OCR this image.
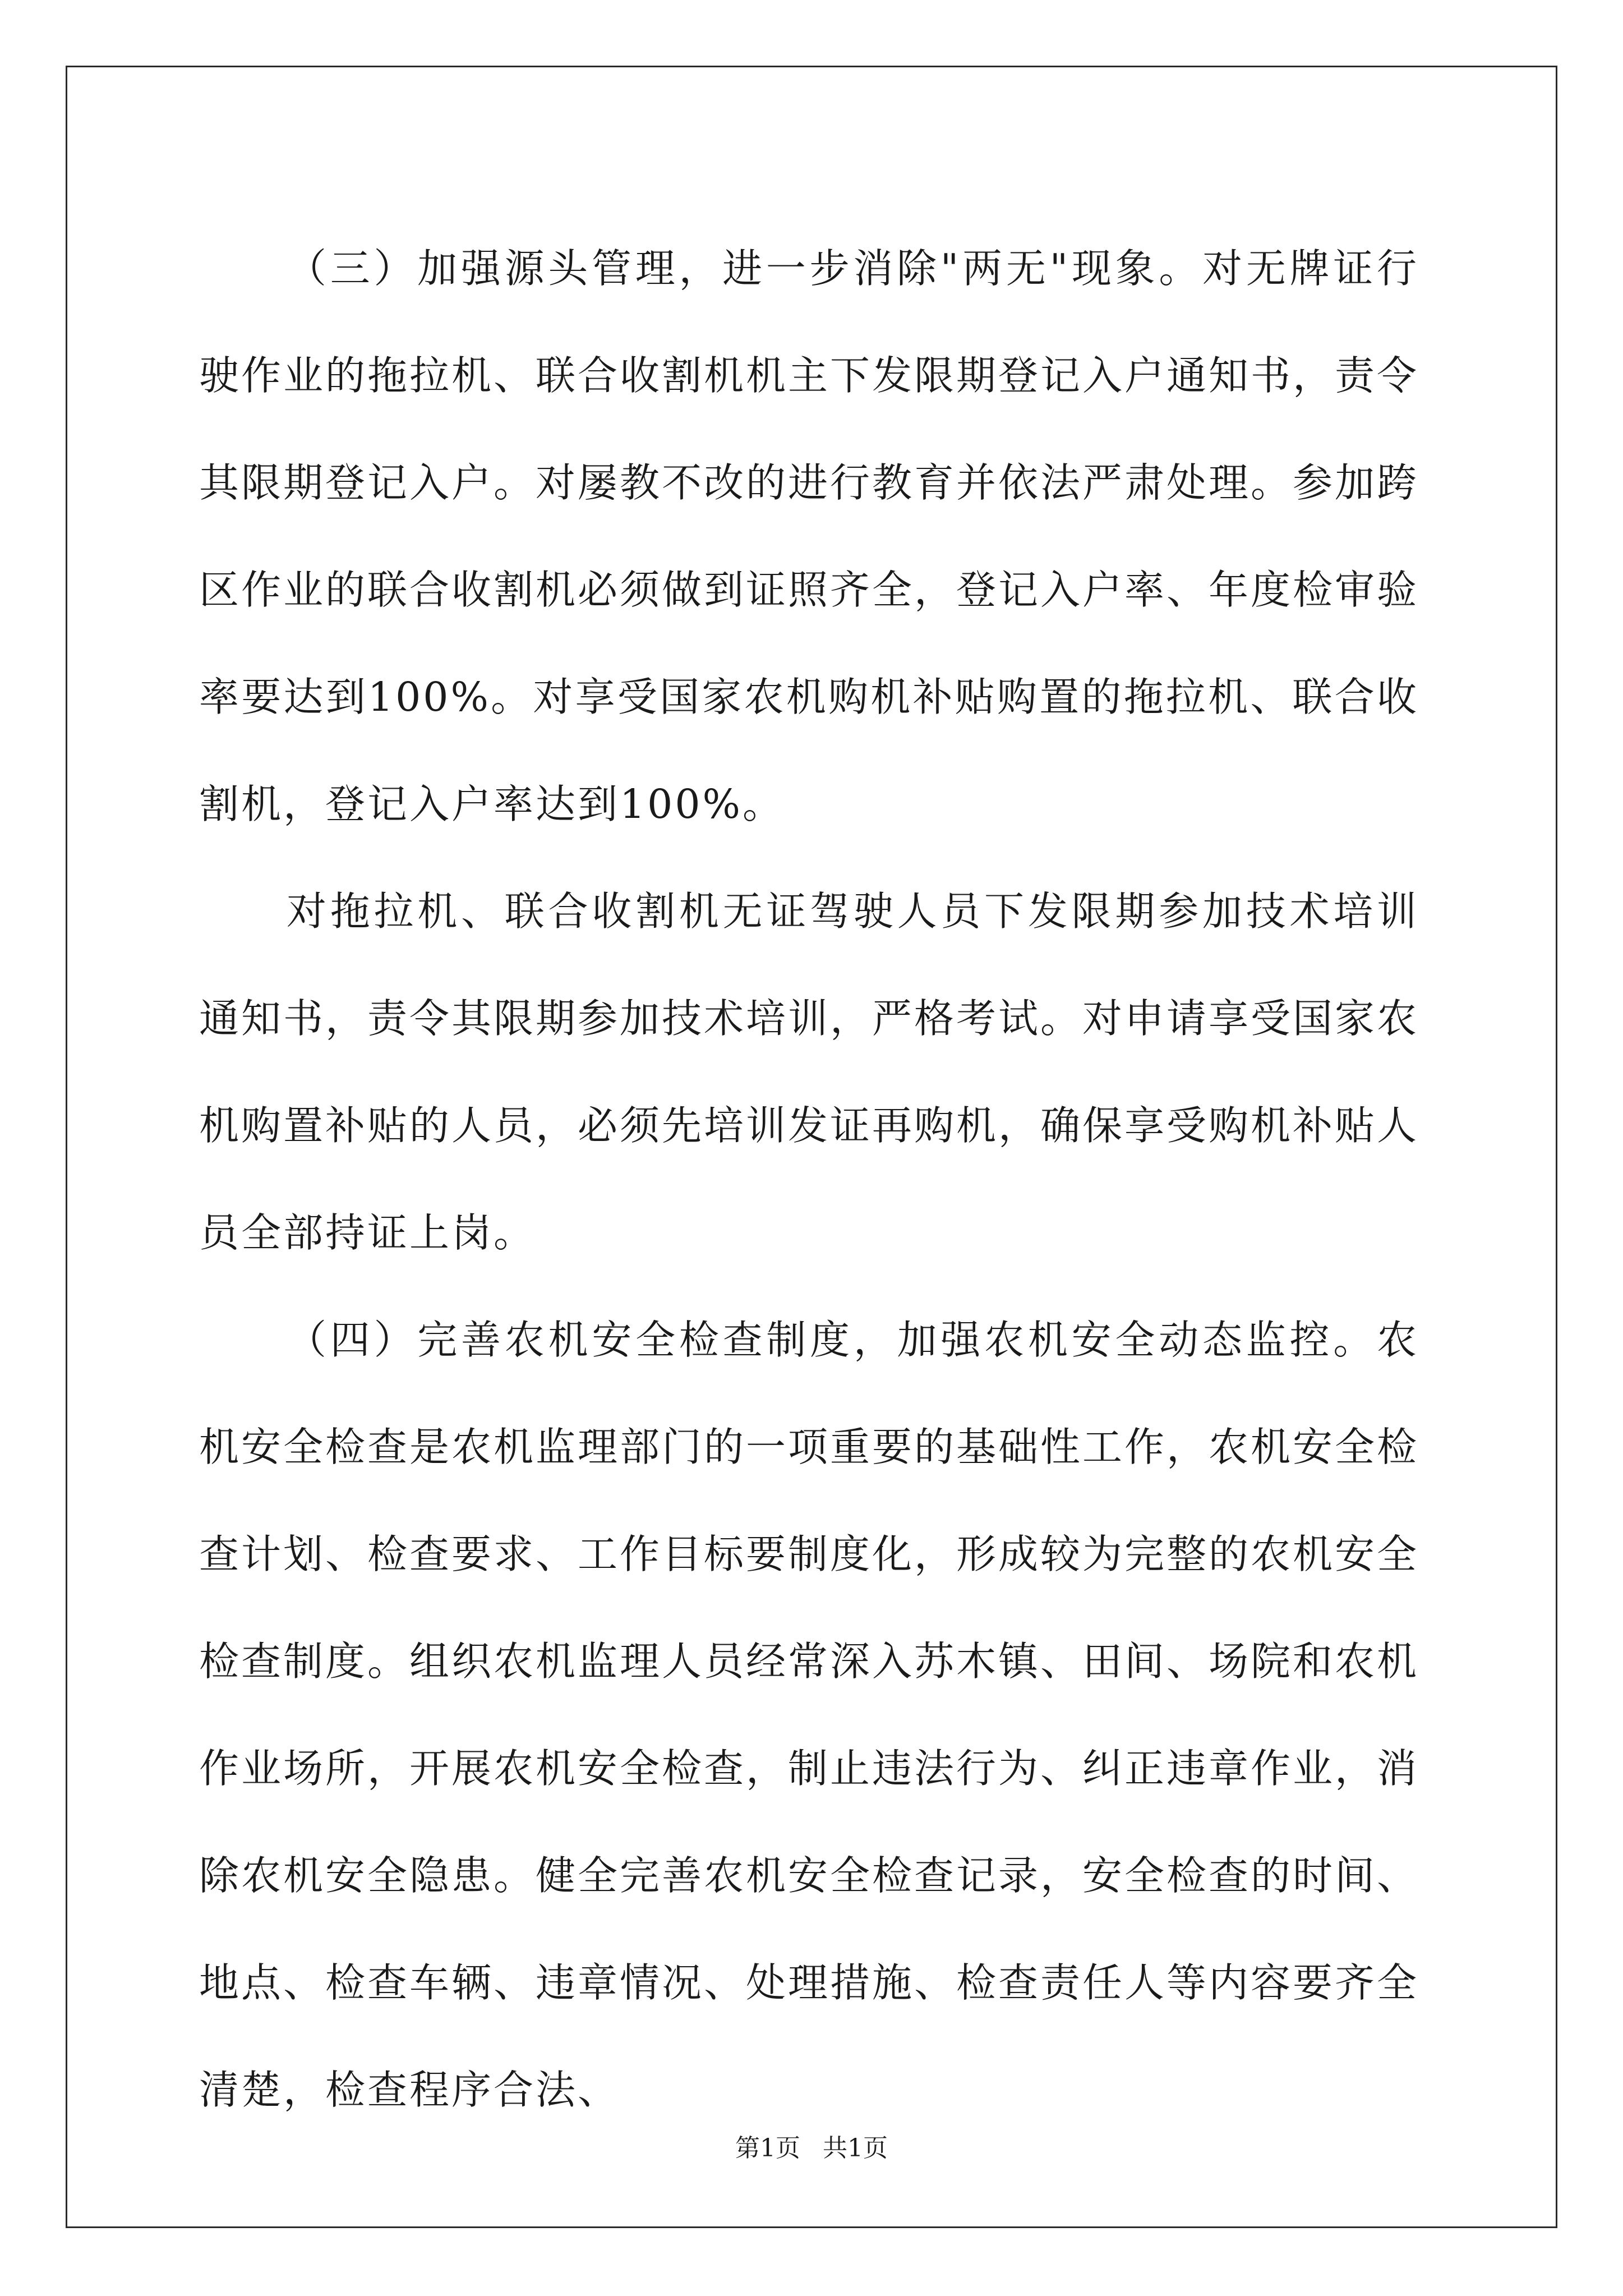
（三）加强源头管理，进一步消除"两无"现象。对无牌证行驶作业的拖拉机、联合收割机机主下发限期登记入户通知书，责令其限期登记入户。对屡教不改的进行教育并依法严肃处理。参加跨区作业的联合收割机必须做到证照齐全，登记入户率、年度检审验率要达到100%。对享受国家农机购机补贴购置的拖拉机、联合收割机，登记入户率达到100%。

对拖拉机、联合收割机无证驾驶人员下发限期参加技术培训通知书，责令其限期参加技术培训，严格考试。对申请享受国家农机购置补贴的人员，必须先培训发证再购机，确保享受购机补贴人员全部持证上岗。

（四）完善农机安全检查制度，加强农机安全动态监控。农机安全检查是农机监理部门的一项重要的基础性工作，农机安全检查计划、检查要求、工作目标要制度化，形成较为完整的农机安全检查制度。组织农机监理人员经常深入苏木镇、田间、场院和农机作业场所，开展农机安全检查，制止违法行为、纠正违章作业，消除农机安全隐患。健全完善农机安全检查记录，安全检查的时间、地点、检查车辆、违章情况、处理措施、检查责任人等内容要齐全清楚，检查程序合法、

第1页 共1页
